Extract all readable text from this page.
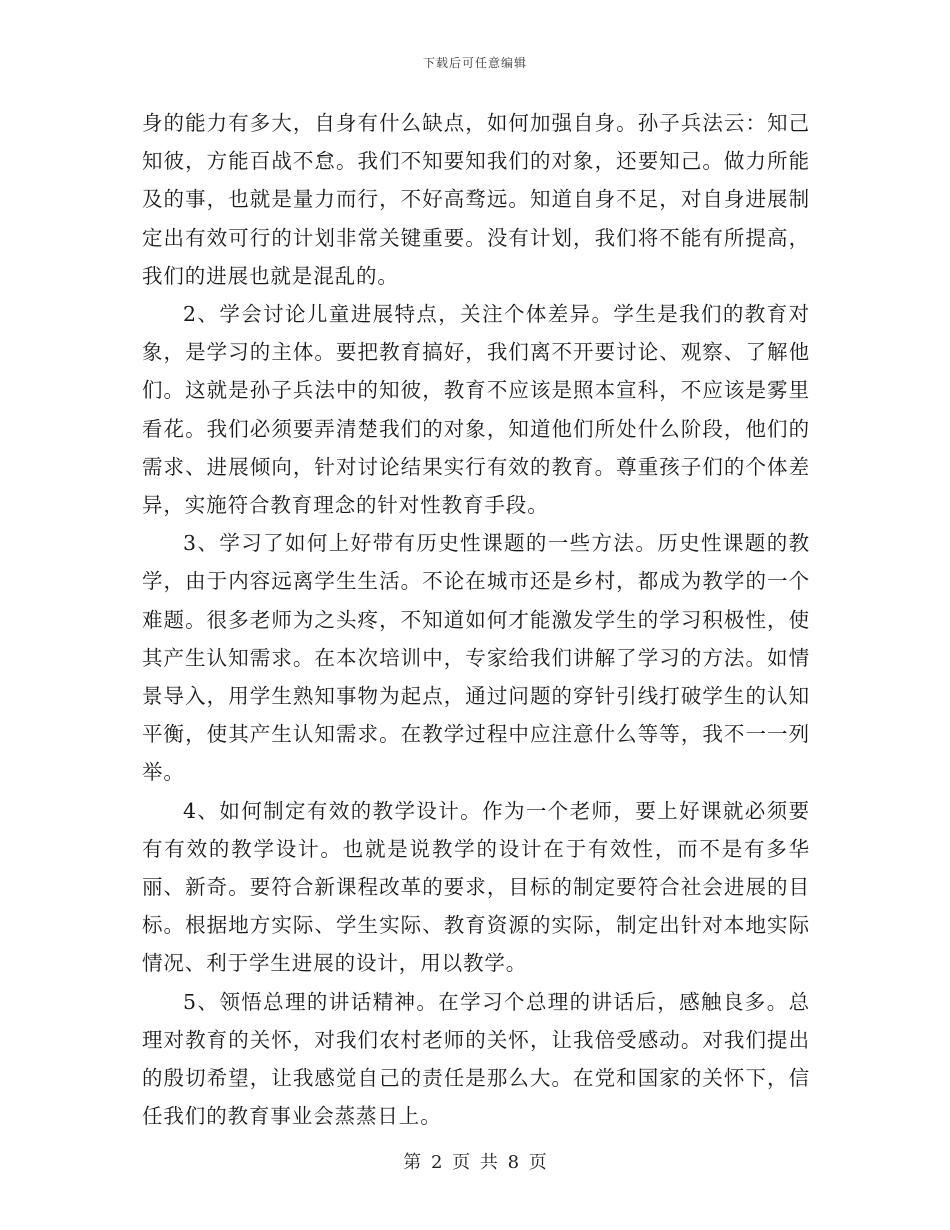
下载后可任意编辑

身的能力有多大，自身有什么缺点，如何加强自身。孙子兵法云：知己知彼，方能百战不怠。我们不知要知我们的对象，还要知己。做力所能及的事，也就是量力而行，不好高骛远。知道自身不足，对自身进展制定出有效可行的计划非常关键重要。没有计划，我们将不能有所提高，我们的进展也就是混乱的。

2、学会讨论儿童进展特点，关注个体差异。学生是我们的教育对象，是学习的主体。要把教育搞好，我们离不开要讨论、观察、了解他们。这就是孙子兵法中的知彼，教育不应该是照本宣科，不应该是雾里看花。我们必须要弄清楚我们的对象，知道他们所处什么阶段，他们的需求、进展倾向，针对讨论结果实行有效的教育。尊重孩子们的个体差异，实施符合教育理念的针对性教育手段。

3、学习了如何上好带有历史性课题的一些方法。历史性课题的教学，由于内容远离学生生活。不论在城市还是乡村，都成为教学的一个难题。很多老师为之头疼，不知道如何才能激发学生的学习积极性，使其产生认知需求。在本次培训中，专家给我们讲解了学习的方法。如情景导入，用学生熟知事物为起点，通过问题的穿针引线打破学生的认知平衡，使其产生认知需求。在教学过程中应注意什么等等，我不一一列举。

4、如何制定有效的教学设计。作为一个老师，要上好课就必须要有有效的教学设计。也就是说教学的设计在于有效性，而不是有多华丽、新奇。要符合新课程改革的要求，目标的制定要符合社会进展的目标。根据地方实际、学生实际、教育资源的实际，制定出针对本地实际情况、利于学生进展的设计，用以教学。

5、领悟总理的讲话精神。在学习个总理的讲话后，感触良多。总理对教育的关怀，对我们农村老师的关怀，让我倍受感动。对我们提出的殷切希望，让我感觉自己的责任是那么大。在党和国家的关怀下，信任我们的教育事业会蒸蒸日上。

第 2 页 共 8 页
